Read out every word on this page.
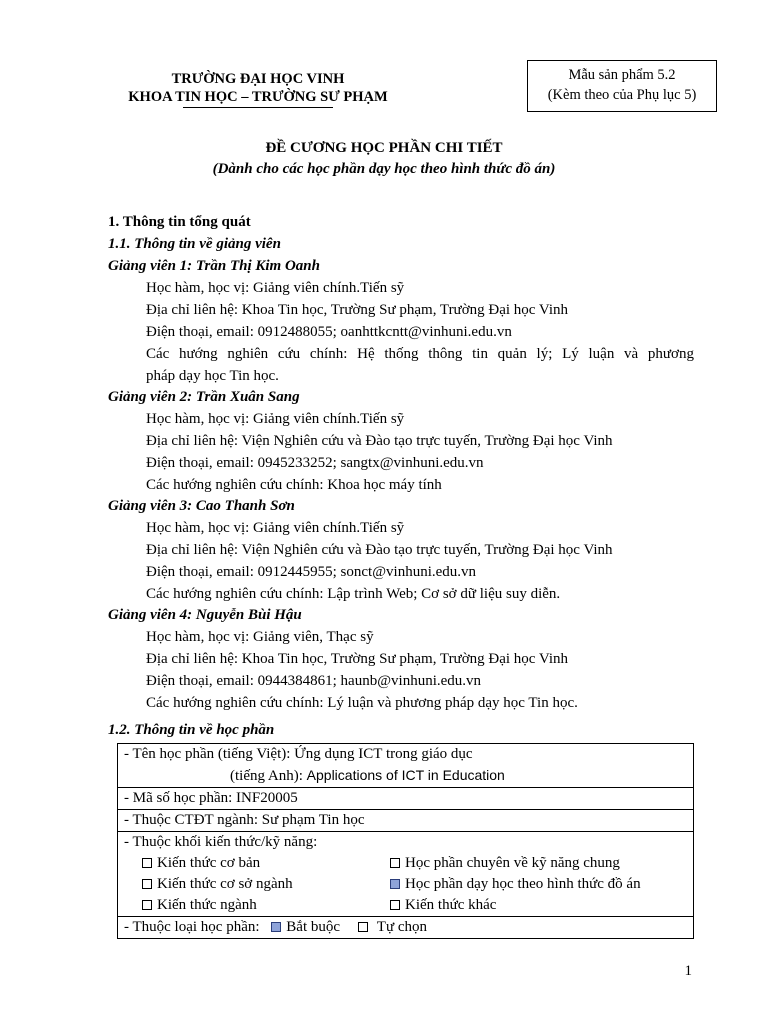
TRƯỜNG ĐẠI HỌC VINH
KHOA TIN HỌC – TRƯỜNG SƯ PHẠM
Mẫu sản phẩm 5.2
(Kèm theo của Phụ lục 5)
ĐỀ CƯƠNG HỌC PHẦN CHI TIẾT
(Dành cho các học phần dạy học theo hình thức đồ án)
1. Thông tin tổng quát
1.1. Thông tin về giảng viên
Giảng viên 1: Trần Thị Kim Oanh
Học hàm, học vị: Giảng viên chính.Tiến sỹ
Địa chỉ liên hệ: Khoa Tin học, Trường Sư phạm, Trường Đại học Vinh
Điện thoại, email: 0912488055; oanhttkcntt@vinhuni.edu.vn
Các hướng nghiên cứu chính: Hệ thống thông tin quản lý; Lý luận và phương
pháp dạy học Tin học.
Giảng viên 2: Trần Xuân Sang
Học hàm, học vị: Giảng viên chính.Tiến sỹ
Địa chỉ liên hệ: Viện Nghiên cứu và Đào tạo trực tuyến, Trường Đại học Vinh
Điện thoại, email: 0945233252; sangtx@vinhuni.edu.vn
Các hướng nghiên cứu chính: Khoa học máy tính
Giảng viên 3: Cao Thanh Sơn
Học hàm, học vị: Giảng viên chính.Tiến sỹ
Địa chỉ liên hệ: Viện Nghiên cứu và Đào tạo trực tuyến, Trường Đại học Vinh
Điện thoại, email: 0912445955; sonct@vinhuni.edu.vn
Các hướng nghiên cứu chính: Lập trình Web; Cơ sở dữ liệu suy diễn.
Giảng viên 4: Nguyễn Bùi Hậu
Học hàm, học vị: Giảng viên, Thạc sỹ
Địa chỉ liên hệ: Khoa Tin học, Trường Sư phạm, Trường Đại học Vinh
Điện thoại, email: 0944384861; haunb@vinhuni.edu.vn
Các hướng nghiên cứu chính: Lý luận và phương pháp dạy học Tin học.
1.2. Thông tin về học phần
- Tên học phần (tiếng Việt): Ứng dụng ICT trong giáo dục
(tiếng Anh): Applications of ICT in Education

- Mã số học phần: INF20005
- Thuộc CTĐT ngành: Sư phạm Tin học

- Thuộc khối kiến thức/kỹ năng:
Kiến thức cơ bản	Học phần chuyên về kỹ năng chung
Kiến thức cơ sở ngành	Học phần dạy học theo hình thức đồ án
Kiến thức ngành	Kiến thức khác

- Thuộc loại học phần: Bắt buộc Tự chọn
1
